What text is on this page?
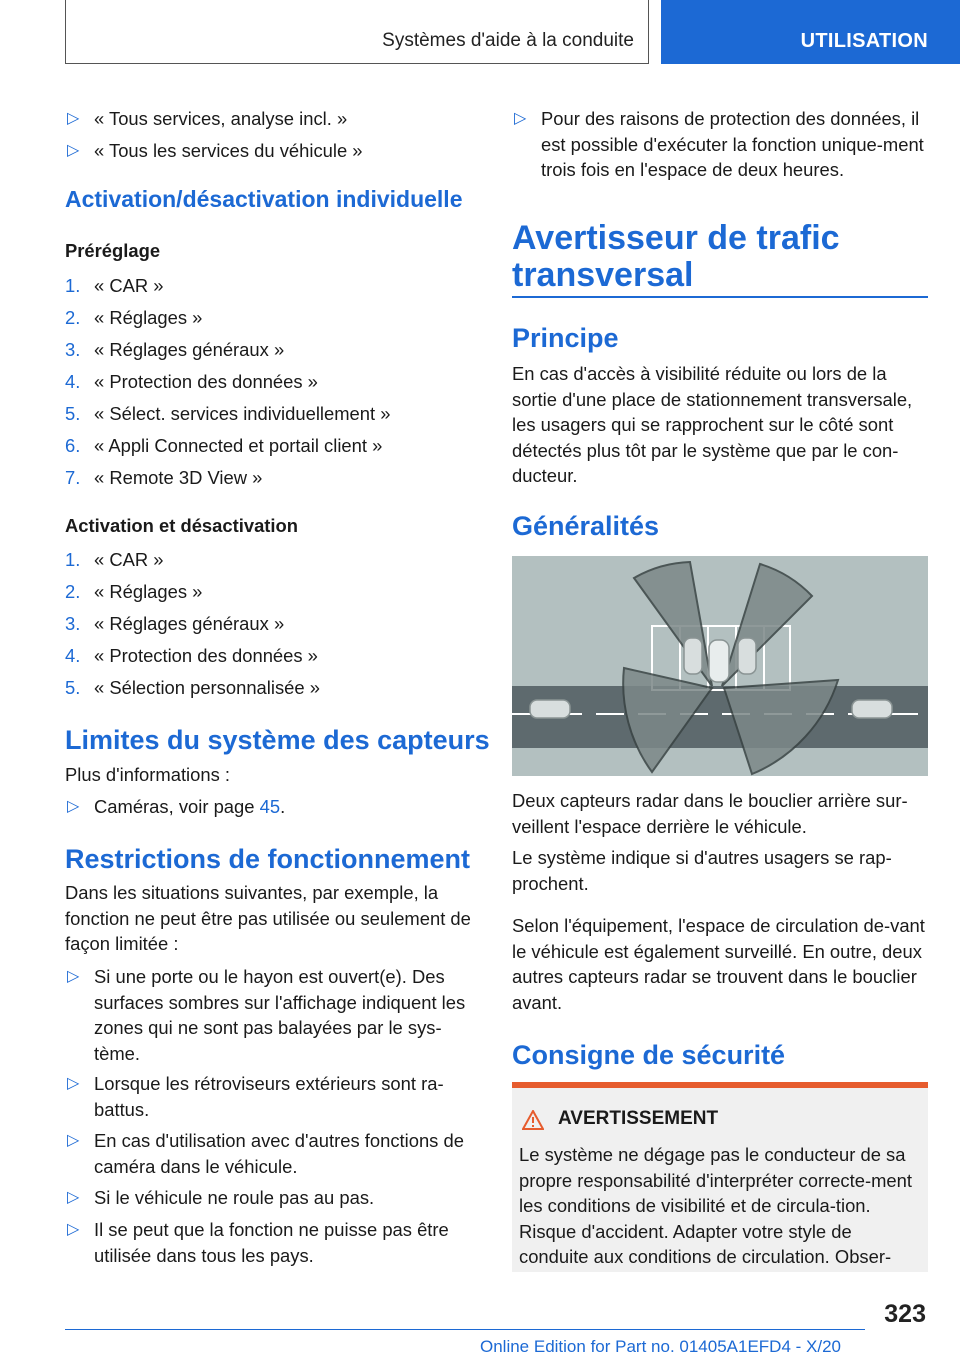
Systèmes d'aide à la conduite	UTILISATION
▷ « Tous services, analyse incl. »
▷ « Tous les services du véhicule »
Activation/désactivation individuelle
Préréglage
1. « CAR »
2. « Réglages »
3. « Réglages généraux »
4. « Protection des données »
5. « Sélect. services individuellement »
6. « Appli Connected et portail client »
7. « Remote 3D View »
Activation et désactivation
1. « CAR »
2. « Réglages »
3. « Réglages généraux »
4. « Protection des données »
5. « Sélection personnalisée »
Limites du système des capteurs
Plus d'informations :
▷ Caméras, voir page 45.
Restrictions de fonctionnement
Dans les situations suivantes, par exemple, la fonction ne peut être pas utilisée ou seulement de façon limitée :
▷ Si une porte ou le hayon est ouvert(e). Des surfaces sombres sur l'affichage indiquent les zones qui ne sont pas balayées par le sys-tème.
▷ Lorsque les rétroviseurs extérieurs sont ra-battus.
▷ En cas d'utilisation avec d'autres fonctions de caméra dans le véhicule.
▷ Si le véhicule ne roule pas au pas.
▷ Il se peut que la fonction ne puisse pas être utilisée dans tous les pays.
▷ Pour des raisons de protection des données, il est possible d'exécuter la fonction unique-ment trois fois en l'espace de deux heures.
Avertisseur de trafic transversal
Principe
En cas d'accès à visibilité réduite ou lors de la sortie d'une place de stationnement transversale, les usagers qui se rapprochent sur le côté sont détectés plus tôt par le système que par le con-ducteur.
Généralités
Deux capteurs radar dans le bouclier arrière sur-veillent l'espace derrière le véhicule.
Le système indique si d'autres usagers se rap-prochent.
Selon l'équipement, l'espace de circulation de-vant le véhicule est également surveillé. En outre, deux autres capteurs radar se trouvent dans le bouclier avant.
Consigne de sécurité
AVERTISSEMENT
Le système ne dégage pas le conducteur de sa propre responsabilité d'interpréter correcte-ment les conditions de visibilité et de circula-tion. Risque d'accident. Adapter votre style de conduite aux conditions de circulation. Obser-
323
Online Edition for Part no. 01405A1EFD4 - X/20
